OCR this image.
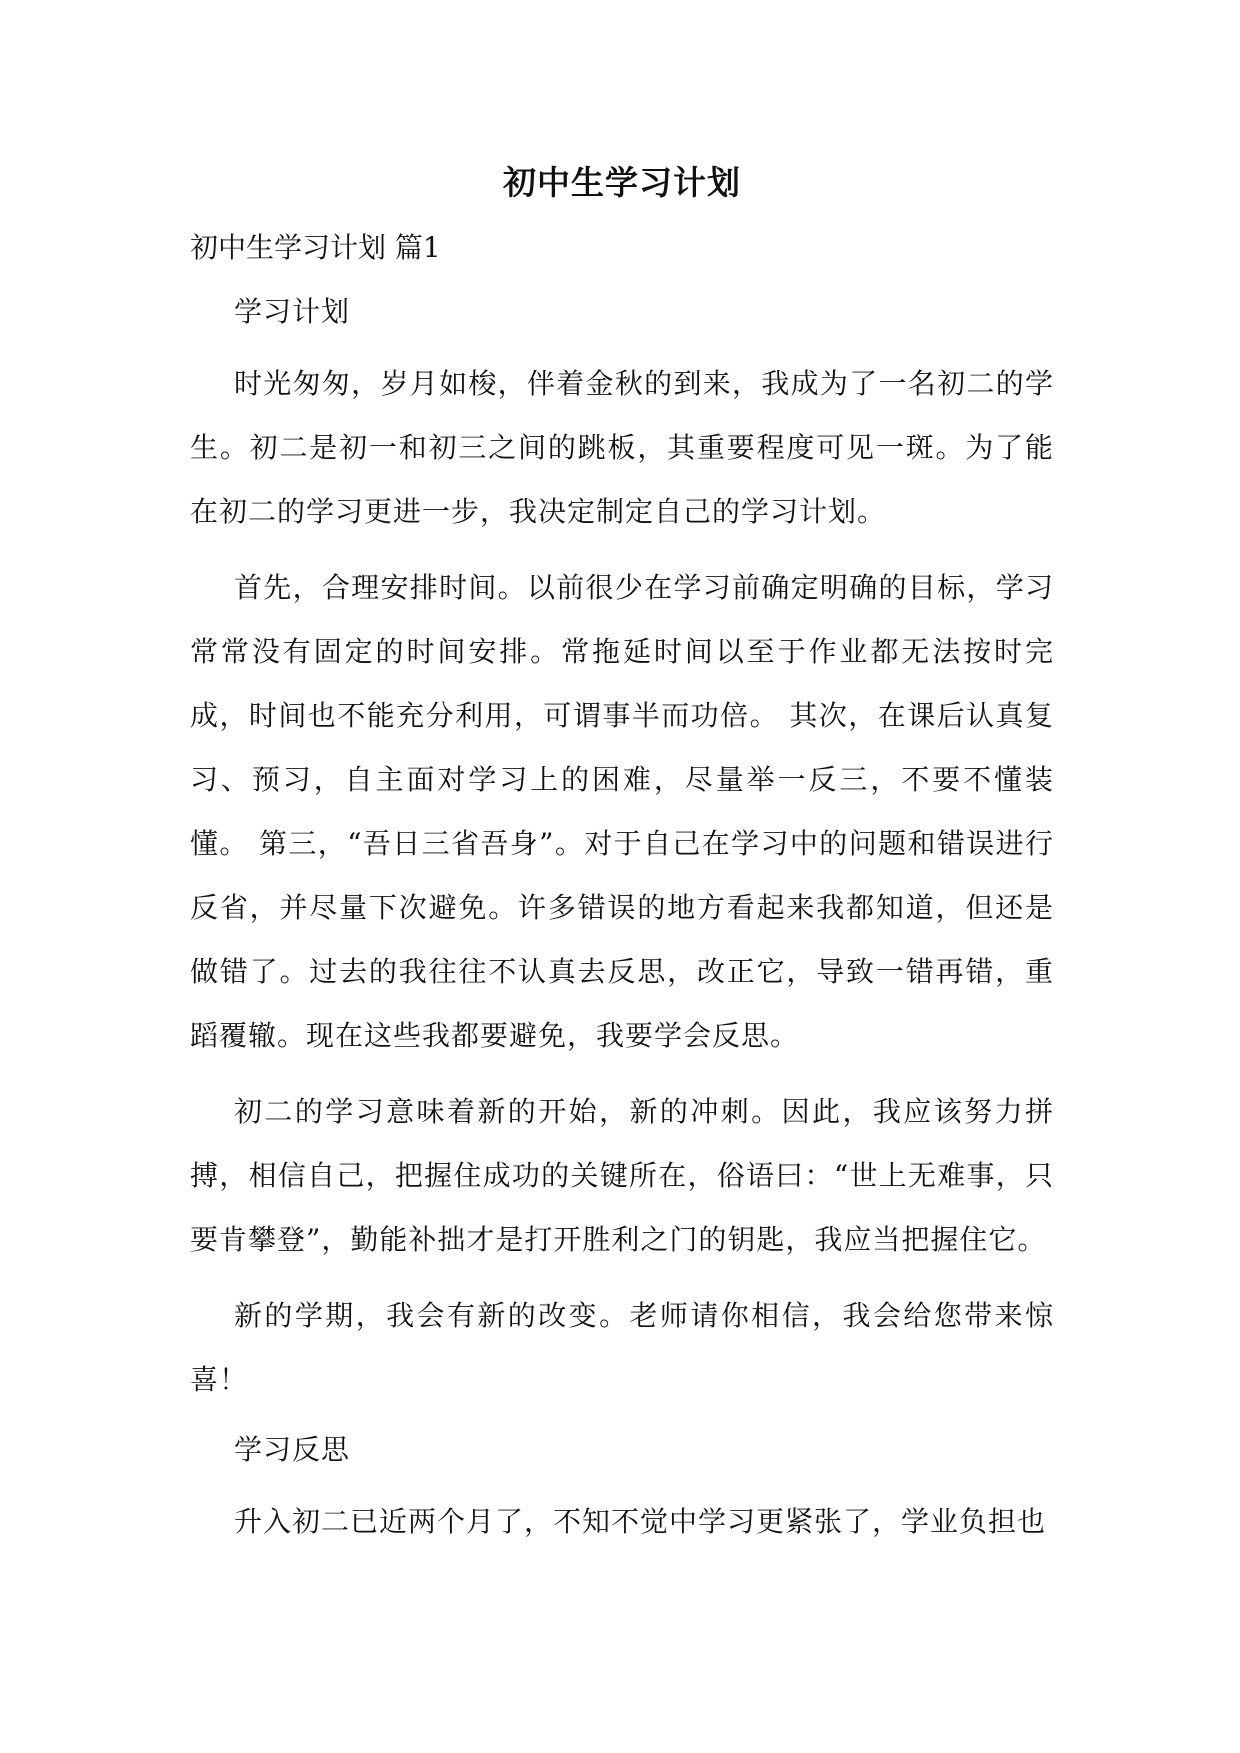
初中生学习计划

初中生学习计划 篇1

学习计划

时光匆匆，岁月如梭，伴着金秋的到来，我成为了一名初二的学生。初二是初一和初三之间的跳板，其重要程度可见一斑。为了能在初二的学习更进一步，我决定制定自己的学习计划。

首先，合理安排时间。以前很少在学习前确定明确的目标，学习常常没有固定的时间安排。常拖延时间以至于作业都无法按时完成，时间也不能充分利用，可谓事半而功倍。 其次，在课后认真复习、预习，自主面对学习上的困难，尽量举一反三，不要不懂装懂。 第三，“吾日三省吾身”。对于自己在学习中的问题和错误进行反省，并尽量下次避免。许多错误的地方看起来我都知道，但还是做错了。过去的我往往不认真去反思，改正它，导致一错再错，重蹈覆辙。现在这些我都要避免，我要学会反思。

初二的学习意味着新的开始，新的冲刺。因此，我应该努力拼搏，相信自己，把握住成功的关键所在，俗语曰：“世上无难事，只要肯攀登”，勤能补拙才是打开胜利之门的钥匙，我应当把握住它。

新的学期，我会有新的改变。老师请你相信，我会给您带来惊喜！

学习反思

升入初二已近两个月了，不知不觉中学习更紧张了，学业负担也
